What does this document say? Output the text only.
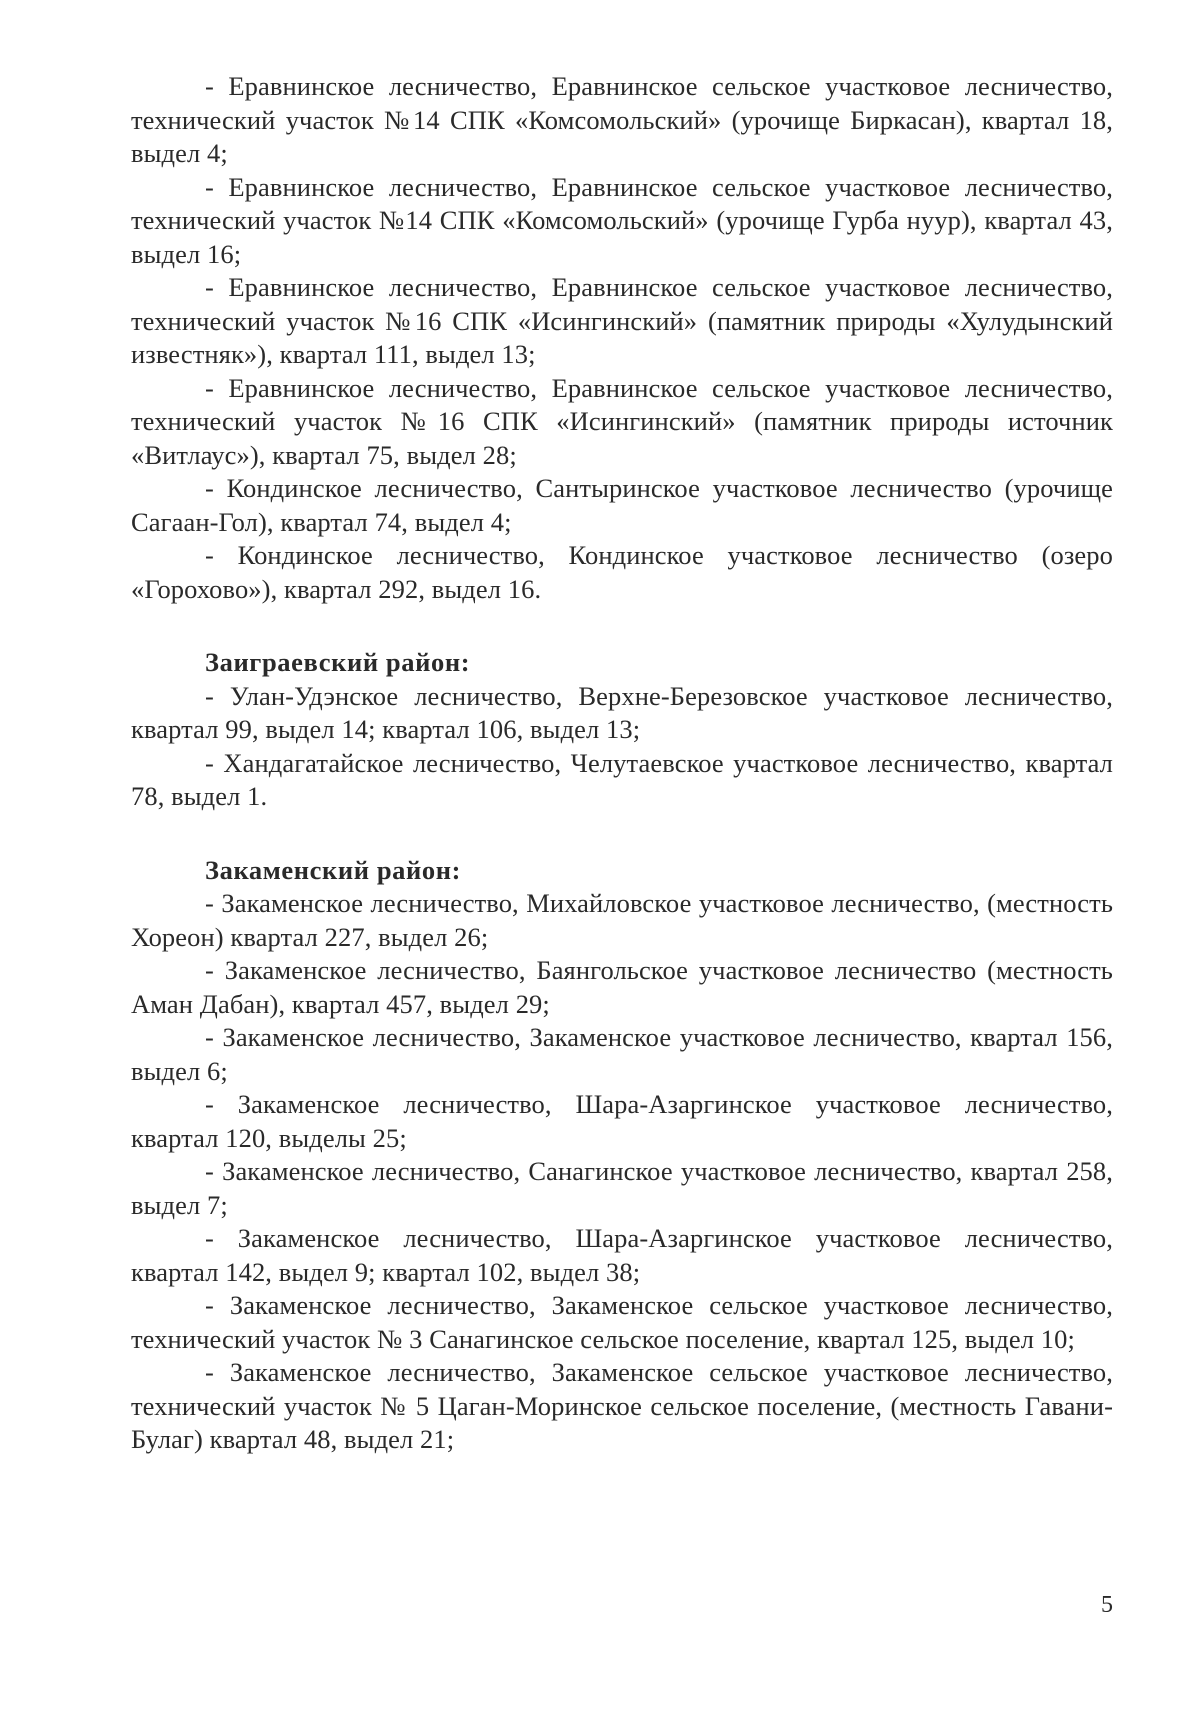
- Еравнинское лесничество, Еравнинское сельское участковое лесничество, технический участок №14 СПК «Комсомольский» (урочище Биркасан), квартал 18, выдел 4;

- Еравнинское лесничество, Еравнинское сельское участковое лесничество, технический участок №14 СПК «Комсомольский» (урочище Гурба нуур), квартал 43, выдел 16;

- Еравнинское лесничество, Еравнинское сельское участковое лесничество, технический участок №16 СПК «Исингинский» (памятник природы «Хулудынский известняк»), квартал 111, выдел 13;

- Еравнинское лесничество, Еравнинское сельское участковое лесничество, технический участок №16 СПК «Исингинский» (памятник природы источник «Витлаус»), квартал 75, выдел 28;

- Кондинское лесничество, Сантыринское участковое лесничество (урочище Сагаан-Гол), квартал 74, выдел 4;

- Кондинское лесничество, Кондинское участковое лесничество (озеро «Горохово»), квартал 292, выдел 16.

Заиграевский район:

- Улан-Удэнское лесничество, Верхне-Березовское участковое лесничество, квартал 99, выдел 14; квартал 106, выдел 13;

- Хандагатайское лесничество, Челутаевское участковое лесничество, квартал 78, выдел 1.

Закаменский район:

- Закаменское лесничество, Михайловское участковое лесничество, (местность Хореон) квартал 227, выдел 26;

- Закаменское лесничество, Баянгольское участковое лесничество (местность Аман Дабан), квартал 457, выдел 29;

- Закаменское лесничество, Закаменское участковое лесничество, квартал 156, выдел 6;

- Закаменское лесничество, Шара-Азаргинское участковое лесничество, квартал 120, выделы 25;

- Закаменское лесничество, Санагинское участковое лесничество, квартал 258, выдел 7;

- Закаменское лесничество, Шара-Азаргинское участковое лесничество, квартал 142, выдел 9; квартал 102, выдел 38;

- Закаменское лесничество, Закаменское сельское участковое лесничество, технический участок № 3 Санагинское сельское поселение, квартал 125, выдел 10;

- Закаменское лесничество, Закаменское сельское участковое лесничество, технический участок № 5 Цаган-Моринское сельское поселение, (местность Гавани-Булаг) квартал 48, выдел 21;

5
